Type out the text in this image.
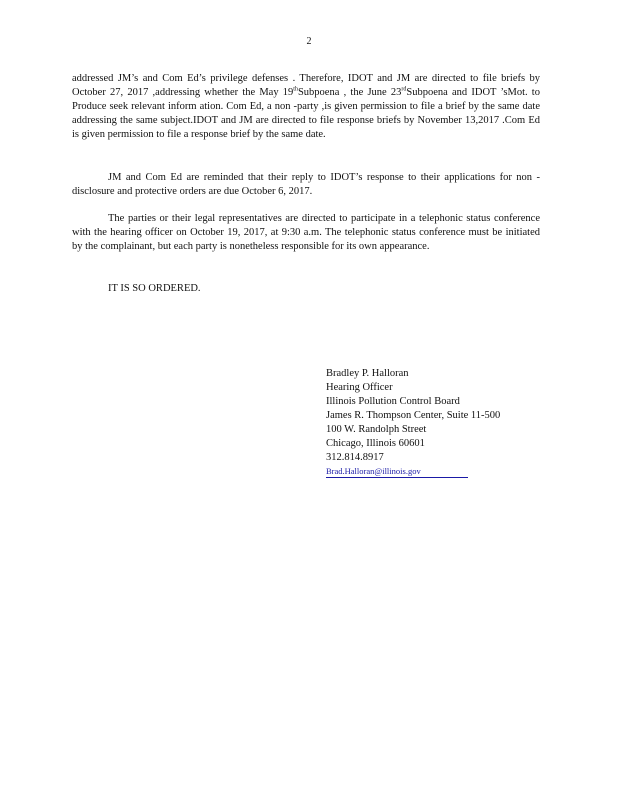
2

addressed JM’s and Com Ed’s privilege defenses . Therefore, IDOT and JM are directed to file briefs by October 27, 2017 ,addressing whether the May 19thSubpoena , the June 23rdSubpoena and IDOT ’sMot. to Produce seek relevant inform ation. Com Ed, a non -party ,is given permission to file a brief by the same date addressing the same subject.IDOT and JM are directed to file response briefs by November 13,2017 .Com Ed is given permission to file a response brief by the same date.

JM and Com Ed are reminded that their reply to IDOT’s response to their applications for non -disclosure and protective orders are due October 6, 2017.

The parties or their legal representatives are directed to participate in a telephonic status conference with the hearing officer on October 19, 2017, at 9:30 a.m. The telephonic status conference must be initiated by the complainant, but each party is nonetheless responsible for its own appearance.

IT IS SO ORDERED.

Bradley P. Halloran
Hearing Officer
Illinois Pollution Control Board
James R. Thompson Center, Suite 11-500
100 W. Randolph Street
Chicago, Illinois 60601
312.814.8917
Brad.Halloran@illinois.gov
